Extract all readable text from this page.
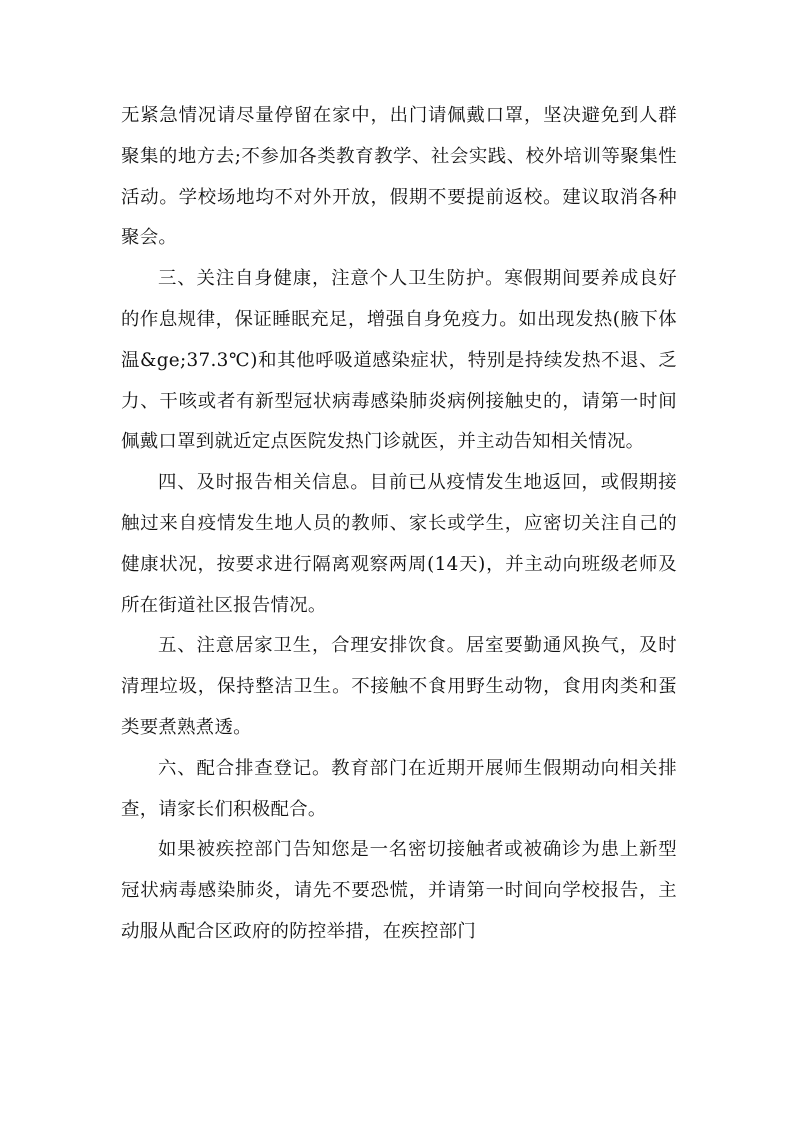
无紧急情况请尽量停留在家中，出门请佩戴口罩，坚决避免到人群聚集的地方去;不参加各类教育教学、社会实践、校外培训等聚集性活动。学校场地均不对外开放，假期不要提前返校。建议取消各种聚会。

三、关注自身健康，注意个人卫生防护。寒假期间要养成良好的作息规律，保证睡眠充足，增强自身免疫力。如出现发热(腋下体温&ge;37.3℃)和其他呼吸道感染症状，特别是持续发热不退、乏力、干咳或者有新型冠状病毒感染肺炎病例接触史的，请第一时间佩戴口罩到就近定点医院发热门诊就医，并主动告知相关情况。

四、及时报告相关信息。目前已从疫情发生地返回，或假期接触过来自疫情发生地人员的教师、家长或学生，应密切关注自己的健康状况，按要求进行隔离观察两周(14天)，并主动向班级老师及所在街道社区报告情况。

五、注意居家卫生，合理安排饮食。居室要勤通风换气，及时清理垃圾，保持整洁卫生。不接触不食用野生动物，食用肉类和蛋类要煮熟煮透。

六、配合排查登记。教育部门在近期开展师生假期动向相关排查，请家长们积极配合。

如果被疾控部门告知您是一名密切接触者或被确诊为患上新型冠状病毒感染肺炎，请先不要恐慌，并请第一时间向学校报告，主动服从配合区政府的防控举措，在疾控部门
